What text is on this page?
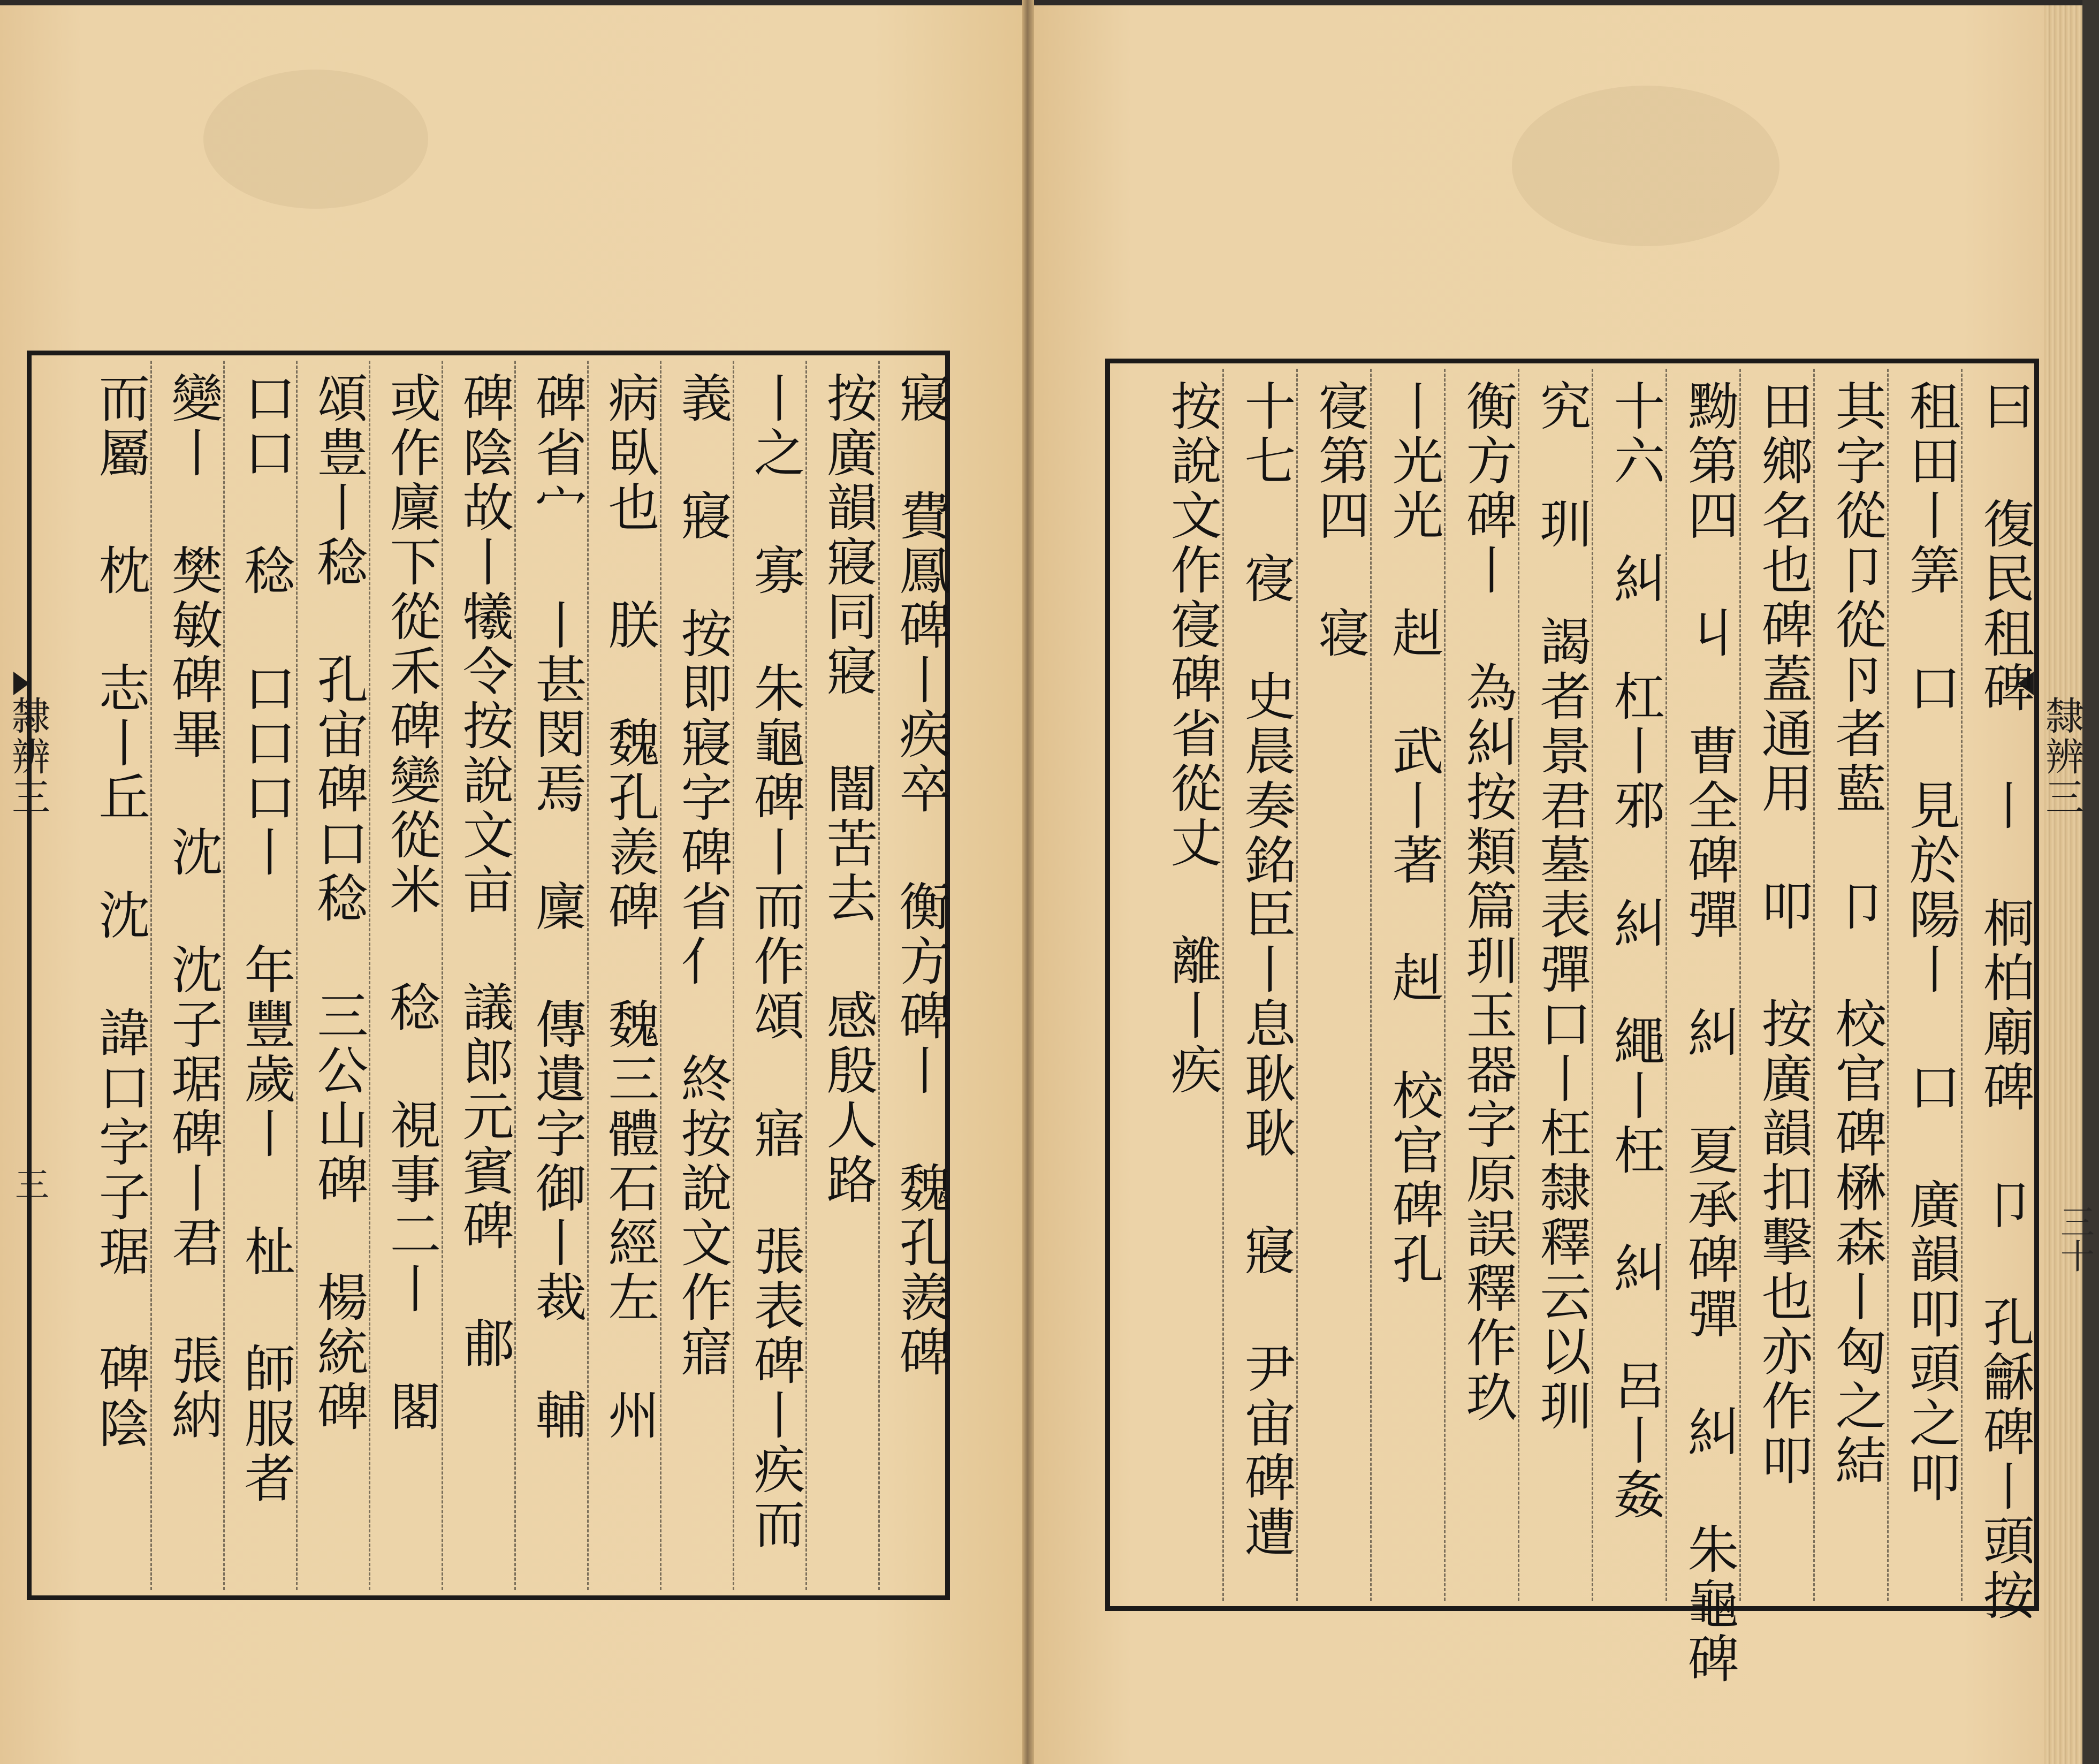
隸辨三	隸辨三
三
三十
寢 費鳳碑丨疾卒 衡方碑丨 魏孔羨碑
按廣韻寢同寢 闇苦去 感殷人路
丨之 寡 朱龜碑丨而作頌 寤 張表碑丨疾而
義 寢 按即寢字碑省亻 終按說文作寣
病臥也 朕 魏孔羨碑 魏三體石經左 州
碑省宀 丨甚閔焉 廩 傳遺字御丨裁 輔
碑陰故丨犧令按說文亩 議郎元賓碑 郙
或作廩下從禾碑變從米 稔 視事二丨 閣
頌豊丨稔 孔宙碑口稔 三公山碑 楊統碑
口口 稔 口口口丨 年豐歲丨 杫 師服者
變丨 樊敏碑畢 沈 沈子琚碑丨君 張納
而屬 枕 志丨丘 沈 諱口字子琚 碑陰	曰 復民租碑 丨 桐柏廟碑 卩 孔龢碑丨頭按
租田丨筭 口 見於陽丨 口 廣韻叩頭之叩
其字從卩從卪者藍 卩 校官碑楙森丨匈之結
田鄉名也碑蓋通用 叩 按廣韻扣擊也亦作叩
黝第四 丩 曹全碑彈 糾 夏承碑彈 糾 朱龜碑
十六 糾 杠丨邪 糾 繩丨枉 糾 呂丨姦
究 玔 謁者景君墓表彈口丨枉隸釋云以玔
衡方碑丨 為糾按類篇玔玉器字原誤釋作玖
丨光光 赳 武丨著 赳 校官碑孔
寑第四 寝
十七 寑 史晨奏銘臣丨息耿耿 寢 尹宙碑遭
按說文作寑碑省從丈 離丨疾
